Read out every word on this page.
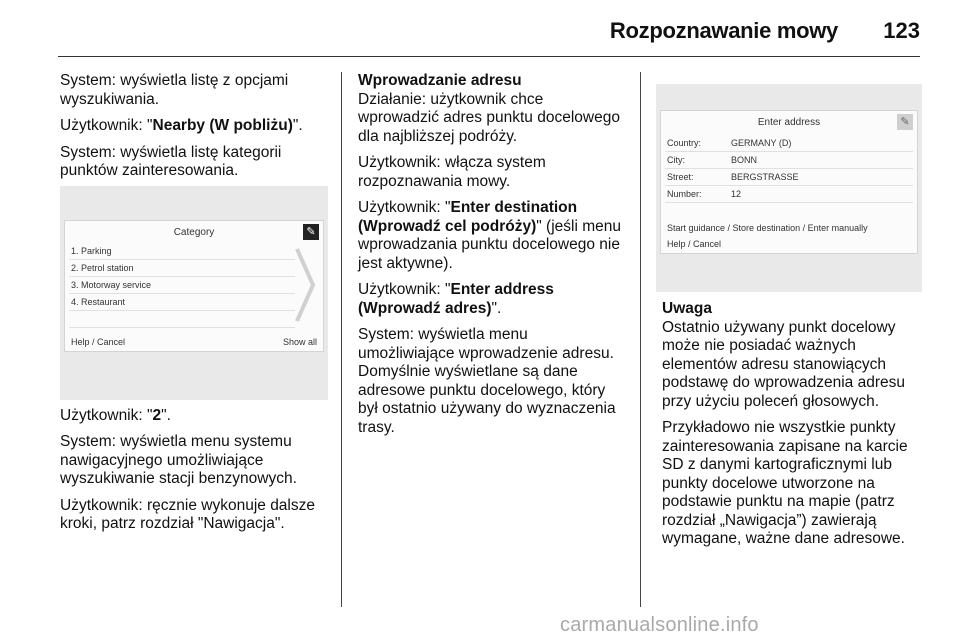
Rozpoznawanie mowy 123

System: wyświetla listę z opcjami wyszukiwania.

Użytkownik: "Nearby (W pobliżu)".

System: wyświetla listę kategorii punktów zainteresowania.

Użytkownik: "2".

System: wyświetla menu systemu nawigacyjnego umożliwiające wyszukiwanie stacji benzynowych.

Użytkownik: ręcznie wykonuje dalsze kroki, patrz rozdział "Nawigacja".

Category	✎
1. Parking
2. Petrol station
3. Motorway service
4. Restaurant
Help / Cancel	Show all
Wprowadzanie adresu

Działanie: użytkownik chce wprowadzić adres punktu docelowego dla najbliższej podróży.

Użytkownik: włącza system rozpoznawania mowy.

Użytkownik: "Enter destination (Wprowadź cel podróży)" (jeśli menu wprowadzania punktu docelowego nie jest aktywne).

Użytkownik: "Enter address (Wprowadź adres)".

System: wyświetla menu umożliwiające wprowadzenie adresu. Domyślnie wyświetlane są dane adresowe punktu docelowego, który był ostatnio używany do wyznaczenia trasy.

Enter address	✎
Country:	GERMANY (D)
City:	BONN
Street:	BERGSTRASSE
Number:	12
Start guidance / Store destination / Enter manually
Help / Cancel
Uwaga

Ostatnio używany punkt docelowy może nie posiadać ważnych elementów adresu stanowiących podstawę do wprowadzenia adresu przy użyciu poleceń głosowych.

Przykładowo nie wszystkie punkty zainteresowania zapisane na karcie SD z danymi kartograficznymi lub punkty docelowe utworzone na podstawie punktu na mapie (patrz rozdział „Nawigacja”) zawierają wymagane, ważne dane adresowe.

carmanualsonline.info
